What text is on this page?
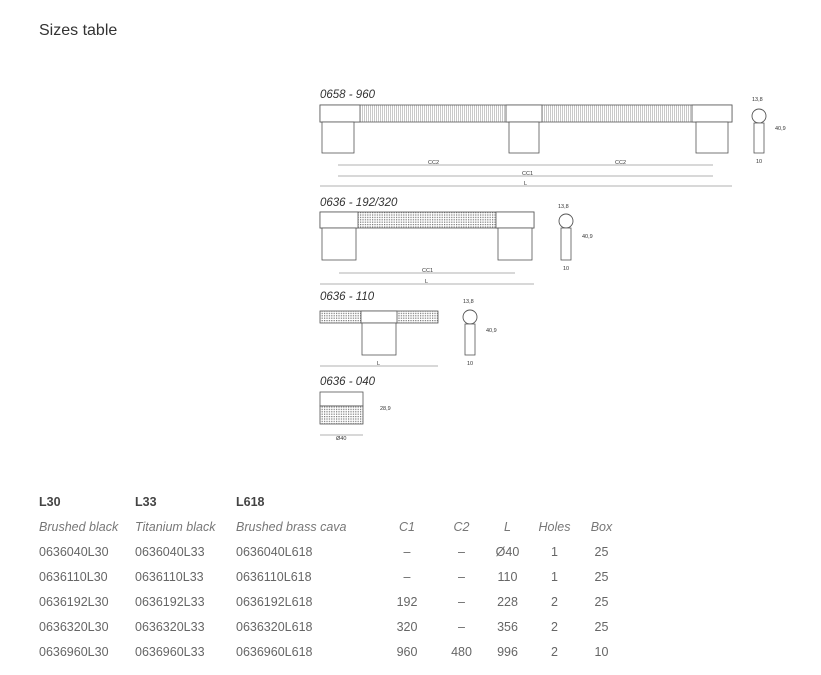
Sizes table
0658 - 960
CC2	CC2
CC1
L
13,8
40,9
10
0636 - 192/320
CC1
L
13,8
40,9
10
0636 - 110
L
13,8
40,9
10
0636 - 040
28,9
Ø40
L30	L33	L618					
Brushed black	Titanium black	Brushed brass cava	C1	C2	L	Holes	Box
0636040L30	0636040L33	0636040L618	–	–	Ø40	1	25
0636110L30	0636110L33	0636110L618	–	–	110	1	25
0636192L30	0636192L33	0636192L618	192	–	228	2	25
0636320L30	0636320L33	0636320L618	320	–	356	2	25
0636960L30	0636960L33	0636960L618	960	480	996	2	10
